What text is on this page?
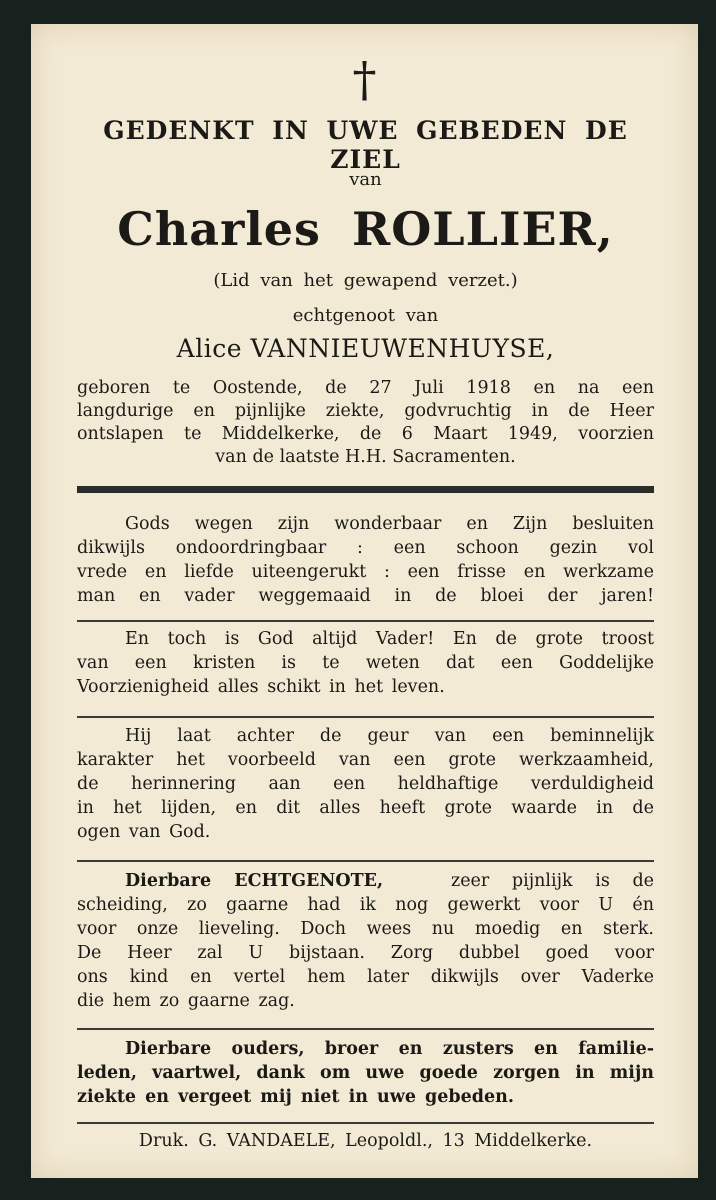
†
GEDENKT IN UWE GEBEDEN DE ZIEL
van
Charles ROLLIER,
(Lid van het gewapend verzet.)
echtgenoot van
Alice VANNIEUWENHUYSE,
geboren te Oostende, de 27 Juli 1918 en na een
langdurige en pijnlijke ziekte, godvruchtig in de Heer
ontslapen te Middelkerke, de 6 Maart 1949, voorzien
van de laatste H.H. Sacramenten.
Gods wegen zijn wonderbaar en Zijn besluiten
dikwijls ondoordringbaar : een schoon gezin vol
vrede en liefde uiteengerukt : een frisse en werkzame
man en vader weggemaaid in de bloei der jaren!
En toch is God altijd Vader! En de grote troost
van een kristen is te weten dat een Goddelijke
Voorzienigheid alles schikt in het leven.
Hij laat achter de geur van een beminnelijk
karakter het voorbeeld van een grote werkzaamheid,
de herinnering aan een heldhaftige verduldigheid
in het lijden, en dit alles heeft grote waarde in de
ogen van God.
Dierbare ECHTGENOTE,	zeer pijnlijk is de
scheiding, zo gaarne had ik nog gewerkt voor U én
voor onze lieveling. Doch wees nu moedig en sterk.
De Heer zal U bijstaan. Zorg dubbel goed voor
ons kind en vertel hem later dikwijls over Vaderke
die hem zo gaarne zag.
Dierbare ouders, broer en zusters en familie-
leden, vaartwel, dank om uwe goede zorgen in mijn
ziekte en vergeet mij niet in uwe gebeden.
Druk. G. VANDAELE, Leopoldl., 13 Middelkerke.
